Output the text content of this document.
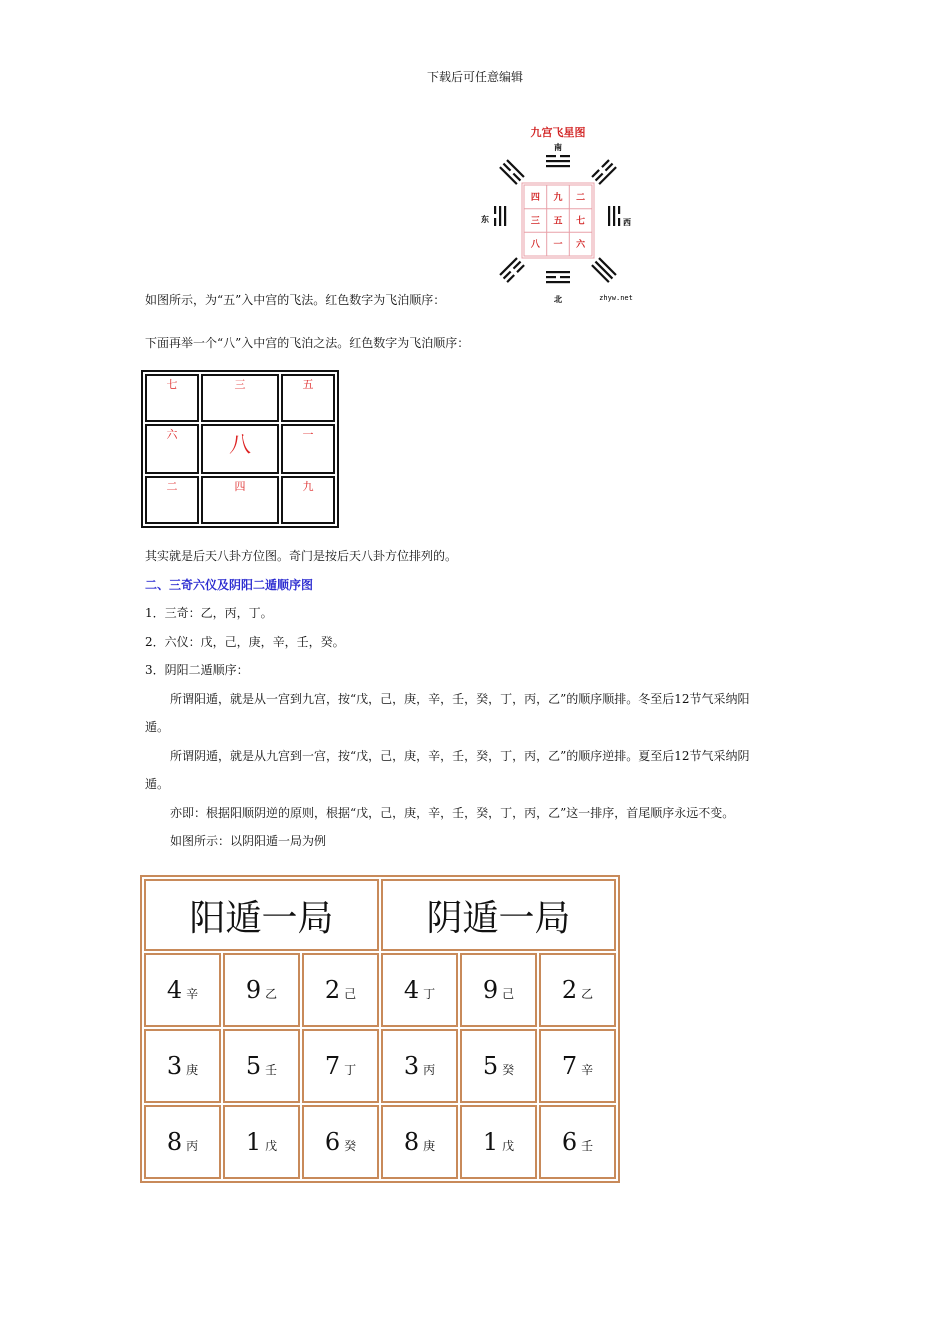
下载后可任意编辑
九宫飞星图
南
北
东	西
zhyw.net
四 九 二
三 五 七
八 一 六
如图所示，为“五”入中宫的飞法。红色数字为飞泊顺序：
下面再举一个“八”入中宫的飞泊之法。红色数字为飞泊顺序：
七	三	五
六	八	一
二	四	九
其实就是后天八卦方位图。奇门是按后天八卦方位排列的。
二、三奇六仪及阴阳二遁顺序图
1．三奇：乙，丙，丁。
2．六仪：戊，己，庚，辛，壬，癸。
3．阴阳二遁顺序：
所谓阳遁，就是从一宫到九宫，按“戊，己，庚，辛，壬，癸，丁，丙，乙”的顺序顺排。冬至后12节气采纳阳
遁。
所谓阴遁，就是从九宫到一宫，按“戊，己，庚，辛，壬，癸，丁，丙，乙”的顺序逆排。夏至后12节气采纳阴
遁。
亦即：根据阳顺阴逆的原则，根据“戊，己，庚，辛，壬，癸，丁，丙，乙”这一排序，首尾顺序永远不变。
如图所示：以阴阳遁一局为例
阳遁一局			阴遁一局		
4 辛	9 乙	2 己	4 丁	9 己	2 乙
3 庚	5 壬	7 丁	3 丙	5 癸	7 辛
8 丙	1 戊	6 癸	8 庚	1 戊	6 壬
